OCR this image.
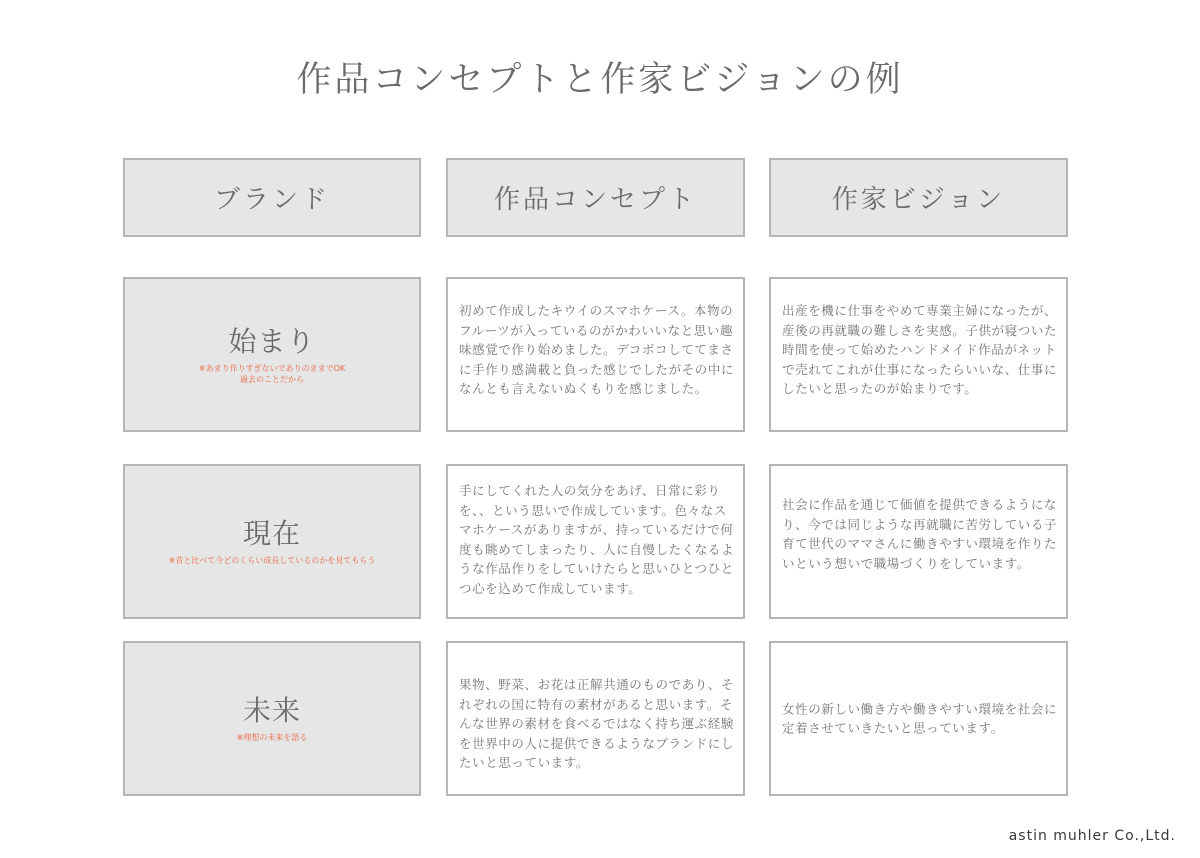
作品コンセプトと作家ビジョンの例
ブランド	作品コンセプト	作家ビジョン
始まり
※あまり作りすぎないでありのままでOK
過去のことだから

初めて作成したキウイのスマホケース。本物のフルーツが入っているのがかわいいなと思い趣味感覚で作り始めました。デコボコしててまさに手作り感満載と負った感じでしたがその中になんとも言えないぬくもりを感じました。

出産を機に仕事をやめて専業主婦になったが、産後の再就職の難しさを実感。子供が寝ついた時間を使って始めたハンドメイド作品がネットで売れてこれが仕事になったらいいな、仕事にしたいと思ったのが始まりです。

現在
※昔と比べて今どのくらい成長しているのかを見てもらう

手にしてくれた人の気分をあげ、日常に彩りを、、という思いで作成しています。色々なスマホケースがありますが、持っているだけで何度も眺めてしまったり、人に自慢したくなるような作品作りをしていけたらと思いひとつひとつ心を込めて作成しています。

社会に作品を通じて価値を提供できるようになり、今では同じような再就職に苦労している子育て世代のママさんに働きやすい環境を作りたいという想いで職場づくりをしています。

未来
※理想の未来を語る

果物、野菜、お花は正解共通のものであり、それぞれの国に特有の素材があると思います。そんな世界の素材を食べるではなく持ち運ぶ経験を世界中の人に提供できるようなブランドにしたいと思っています。

女性の新しい働き方や働きやすい環境を社会に定着させていきたいと思っています。

astin muhler Co.,Ltd.
